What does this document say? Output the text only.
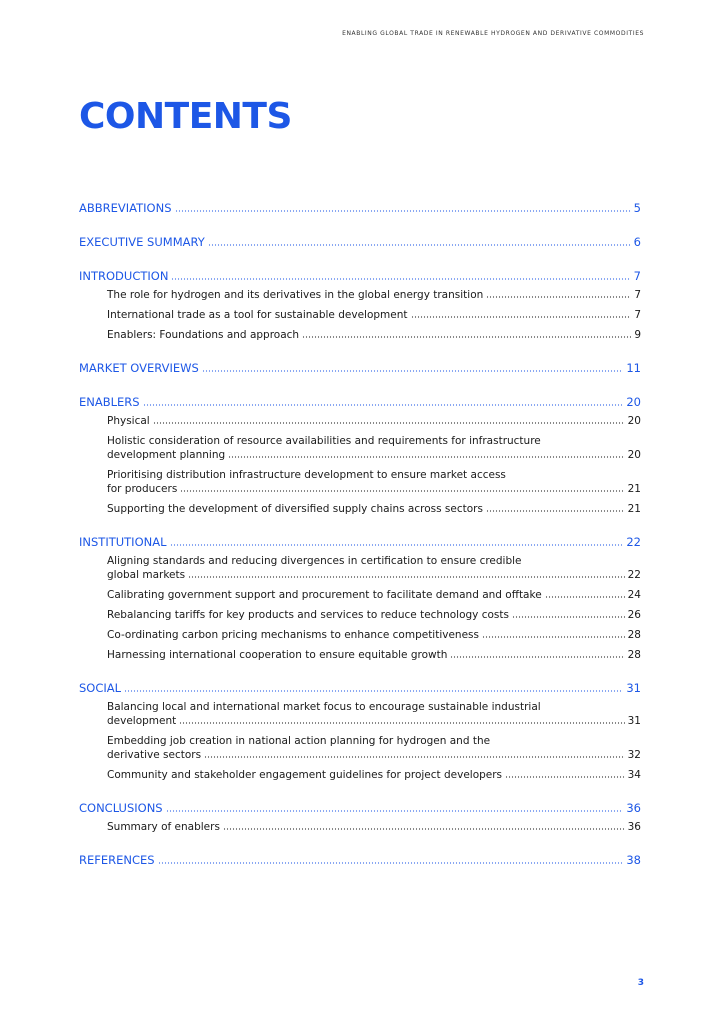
ENABLING GLOBAL TRADE IN RENEWABLE HYDROGEN AND DERIVATIVE COMMODITIES
CONTENTS
ABBREVIATIONS	5
EXECUTIVE SUMMARY	6
INTRODUCTION	7
The role for hydrogen and its derivatives in the global energy transition	7
International trade as a tool for sustainable development	7
Enablers: Foundations and approach	9
MARKET OVERVIEWS	11
ENABLERS	20
Physical	20
Holistic consideration of resource availabilities and requirements for infrastructure
development planning	20
Prioritising distribution infrastructure development to ensure market access
for producers	21
Supporting the development of diversified supply chains across sectors	21
INSTITUTIONAL	22
Aligning standards and reducing divergences in certification to ensure credible
global markets	22
Calibrating government support and procurement to facilitate demand and offtake	24
Rebalancing tariffs for key products and services to reduce technology costs	26
Co-ordinating carbon pricing mechanisms to enhance competitiveness	28
Harnessing international cooperation to ensure equitable growth	28
SOCIAL	31
Balancing local and international market focus to encourage sustainable industrial
development	31
Embedding job creation in national action planning for hydrogen and the
derivative sectors	32
Community and stakeholder engagement guidelines for project developers	34
CONCLUSIONS	36
Summary of enablers	36
REFERENCES	38
3
